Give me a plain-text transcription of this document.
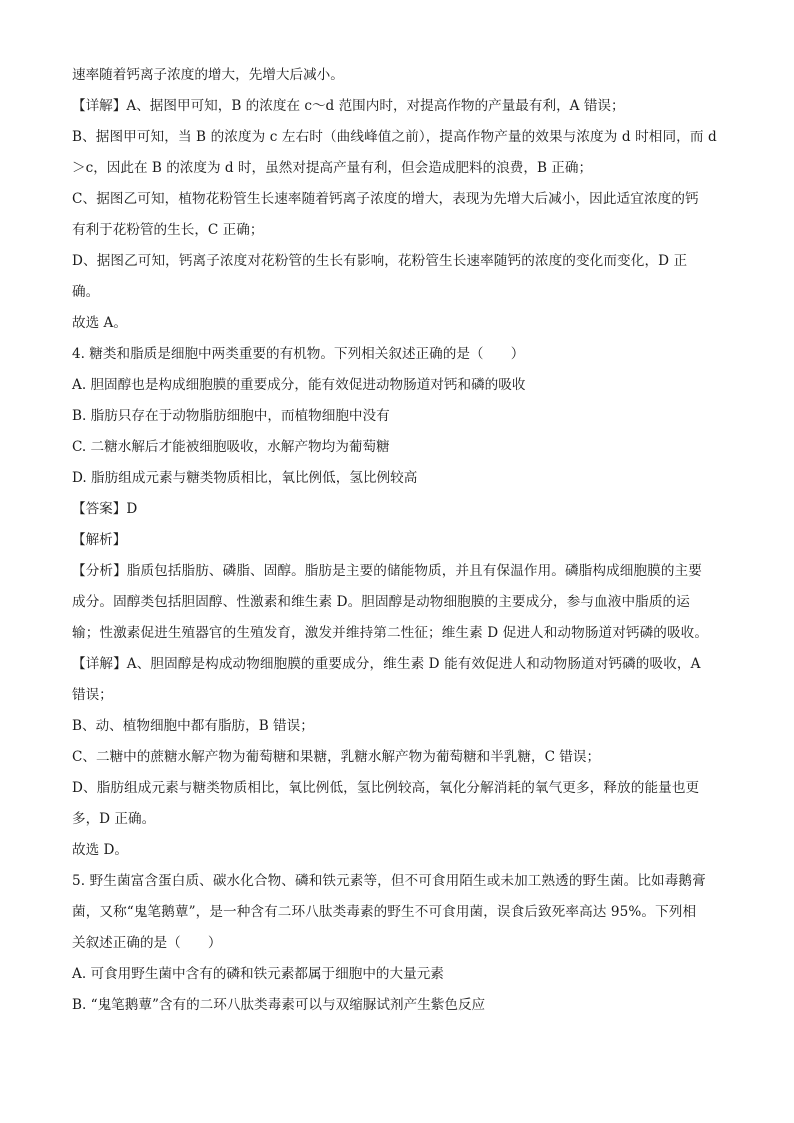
速率随着钙离子浓度的增大，先增大后减小。

【详解】A、据图甲可知，B 的浓度在 c～d 范围内时，对提高作物的产量最有利，A 错误；

B、据图甲可知，当 B 的浓度为 c 左右时（曲线峰值之前），提高作物产量的效果与浓度为 d 时相同，而 d

＞c，因此在 B 的浓度为 d 时，虽然对提高产量有利，但会造成肥料的浪费，B 正确；

C、据图乙可知，植物花粉管生长速率随着钙离子浓度的增大，表现为先增大后减小，因此适宜浓度的钙

有利于花粉管的生长，C 正确；

D、据图乙可知，钙离子浓度对花粉管的生长有影响，花粉管生长速率随钙的浓度的变化而变化，D 正

确。

故选 A。

4. 糖类和脂质是细胞中两类重要的有机物。下列相关叙述正确的是（　　）

A. 胆固醇也是构成细胞膜的重要成分，能有效促进动物肠道对钙和磷的吸收

B. 脂肪只存在于动物脂肪细胞中，而植物细胞中没有

C. 二糖水解后才能被细胞吸收，水解产物均为葡萄糖

D. 脂肪组成元素与糖类物质相比，氧比例低，氢比例较高

【答案】D

【解析】

【分析】脂质包括脂肪、磷脂、固醇。脂肪是主要的储能物质，并且有保温作用。磷脂构成细胞膜的主要

成分。固醇类包括胆固醇、性激素和维生素 D。胆固醇是动物细胞膜的主要成分，参与血液中脂质的运

输；性激素促进生殖器官的生殖发育，激发并维持第二性征；维生素 D 促进人和动物肠道对钙磷的吸收。

【详解】A、胆固醇是构成动物细胞膜的重要成分，维生素 D 能有效促进人和动物肠道对钙磷的吸收，A

错误；

B、动、植物细胞中都有脂肪，B 错误；

C、二糖中的蔗糖水解产物为葡萄糖和果糖，乳糖水解产物为葡萄糖和半乳糖，C 错误；

D、脂肪组成元素与糖类物质相比，氧比例低，氢比例较高，氧化分解消耗的氧气更多，释放的能量也更

多，D 正确。

故选 D。

5. 野生菌富含蛋白质、碳水化合物、磷和铁元素等，但不可食用陌生或未加工熟透的野生菌。比如毒鹅膏

菌，又称“鬼笔鹅蕈”，是一种含有二环八肽类毒素的野生不可食用菌，误食后致死率高达 95%。下列相

关叙述正确的是（　　）

A. 可食用野生菌中含有的磷和铁元素都属于细胞中的大量元素

B. “鬼笔鹅蕈”含有的二环八肽类毒素可以与双缩脲试剂产生紫色反应
